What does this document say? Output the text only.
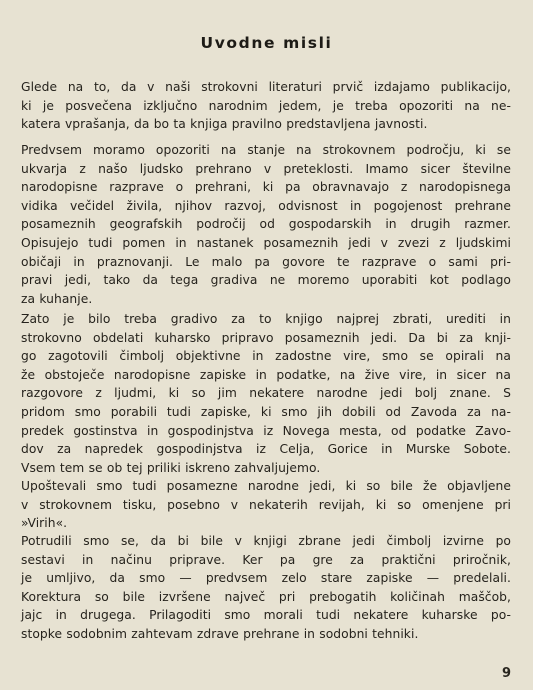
Uvodne misli
Glede na to, da v naši strokovni literaturi prvič izdajamo publikacijo,
ki je posvečena izključno narodnim jedem, je treba opozoriti na ne-
katera vprašanja, da bo ta knjiga pravilno predstavljena javnosti.
Predvsem moramo opozoriti na stanje na strokovnem področju, ki se
ukvarja z našo ljudsko prehrano v preteklosti. Imamo sicer številne
narodopisne razprave o prehrani, ki pa obravnavajo z narodopisnega
vidika večidel živila, njihov razvoj, odvisnost in pogojenost prehrane
posameznih geografskih področij od gospodarskih in drugih razmer.
Opisujejo tudi pomen in nastanek posameznih jedi v zvezi z ljudskimi
običaji in praznovanji. Le malo pa govore te razprave o sami pri-
pravi jedi, tako da tega gradiva ne moremo uporabiti kot podlago
za kuhanje.
Zato je bilo treba gradivo za to knjigo najprej zbrati, urediti in
strokovno obdelati kuharsko pripravo posameznih jedi. Da bi za knji-
go zagotovili čimbolj objektivne in zadostne vire, smo se opirali na
že obstoječe narodopisne zapiske in podatke, na žive vire, in sicer na
razgovore z ljudmi, ki so jim nekatere narodne jedi bolj znane. S
pridom smo porabili tudi zapiske, ki smo jih dobili od Zavoda za na-
predek gostinstva in gospodinjstva iz Novega mesta, od podatke Zavo-
dov za napredek gospodinjstva iz Celja, Gorice in Murske Sobote.
Vsem tem se ob tej priliki iskreno zahvaljujemo.
Upoštevali smo tudi posamezne narodne jedi, ki so bile že objavljene
v strokovnem tisku, posebno v nekaterih revijah, ki so omenjene pri
»Virih«.
Potrudili smo se, da bi bile v knjigi zbrane jedi čimbolj izvirne po
sestavi in načinu priprave. Ker pa gre za praktični priročnik,
je umljivo, da smo — predvsem zelo stare zapiske — predelali.
Korektura so bile izvršene največ pri prebogatih količinah maščob,
jajc in drugega. Prilagoditi smo morali tudi nekatere kuharske po-
stopke sodobnim zahtevam zdrave prehrane in sodobni tehniki.
9
